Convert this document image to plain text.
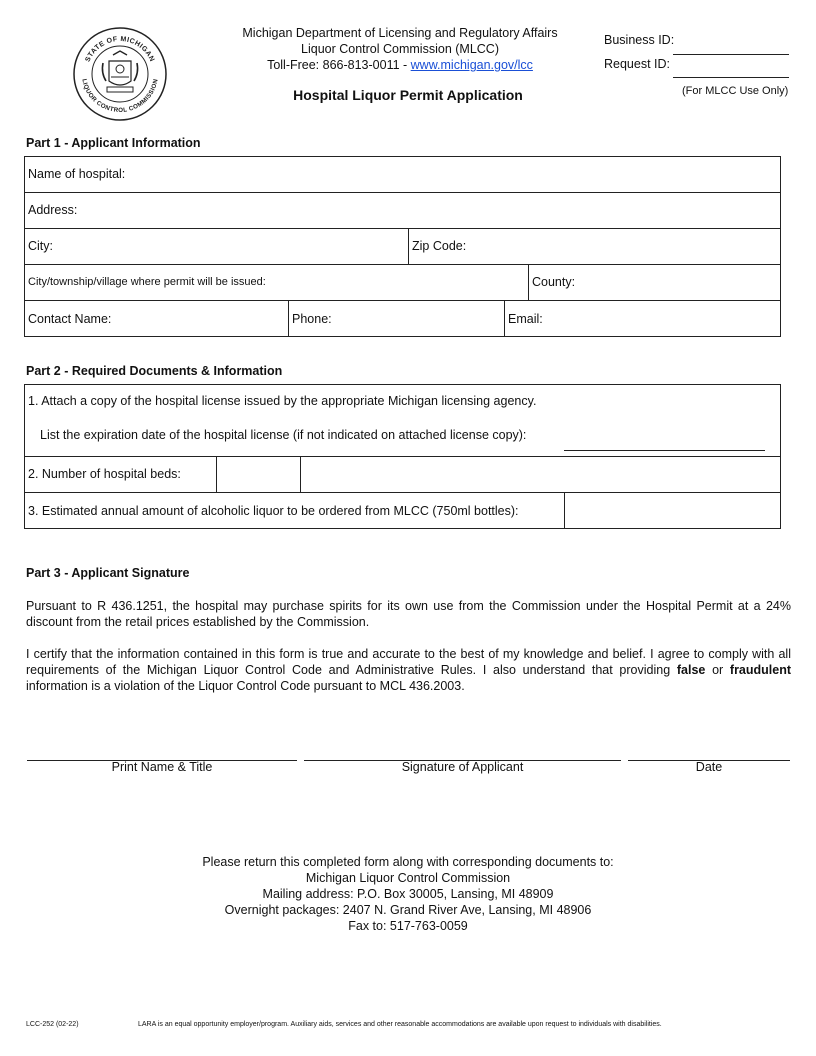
STATE OF MICHIGAN
LIQUOR CONTROL COMMISSION
Michigan Department of Licensing and Regulatory Affairs
Liquor Control Commission (MLCC)
Toll-Free: 866-813-0011 - www.michigan.gov/lcc
Hospital Liquor Permit Application
Business ID:
Request ID:
(For MLCC Use Only)
Part 1 - Applicant Information
Name of hospital:
Address:
City:	Zip Code:
City/township/village where permit will be issued:	County:
Contact Name:	Phone:	Email:
Part 2 - Required Documents & Information
1. Attach a copy of the hospital license issued by the appropriate Michigan licensing agency.
List the expiration date of the hospital license (if not indicated on attached license copy):
2. Number of hospital beds:
3. Estimated annual amount of alcoholic liquor to be ordered from MLCC (750ml bottles):
Part 3 - Applicant Signature
Pursuant to R 436.1251, the hospital may purchase spirits for its own use from the Commission under the Hospital Permit at a 24% discount from the retail prices established by the Commission.
I certify that the information contained in this form is true and accurate to the best of my knowledge and belief. I agree to comply with all requirements of the Michigan Liquor Control Code and Administrative Rules. I also understand that providing false or fraudulent information is a violation of the Liquor Control Code pursuant to MCL 436.2003.
Print Name & Title	Signature of Applicant	Date
Please return this completed form along with corresponding documents to:
Michigan Liquor Control Commission
Mailing address: P.O. Box 30005, Lansing, MI 48909
Overnight packages: 2407 N. Grand River Ave, Lansing, MI 48906
Fax to: 517-763-0059
LCC-252 (02-22)	LARA is an equal opportunity employer/program. Auxiliary aids, services and other reasonable accommodations are available upon request to individuals with disabilities.
